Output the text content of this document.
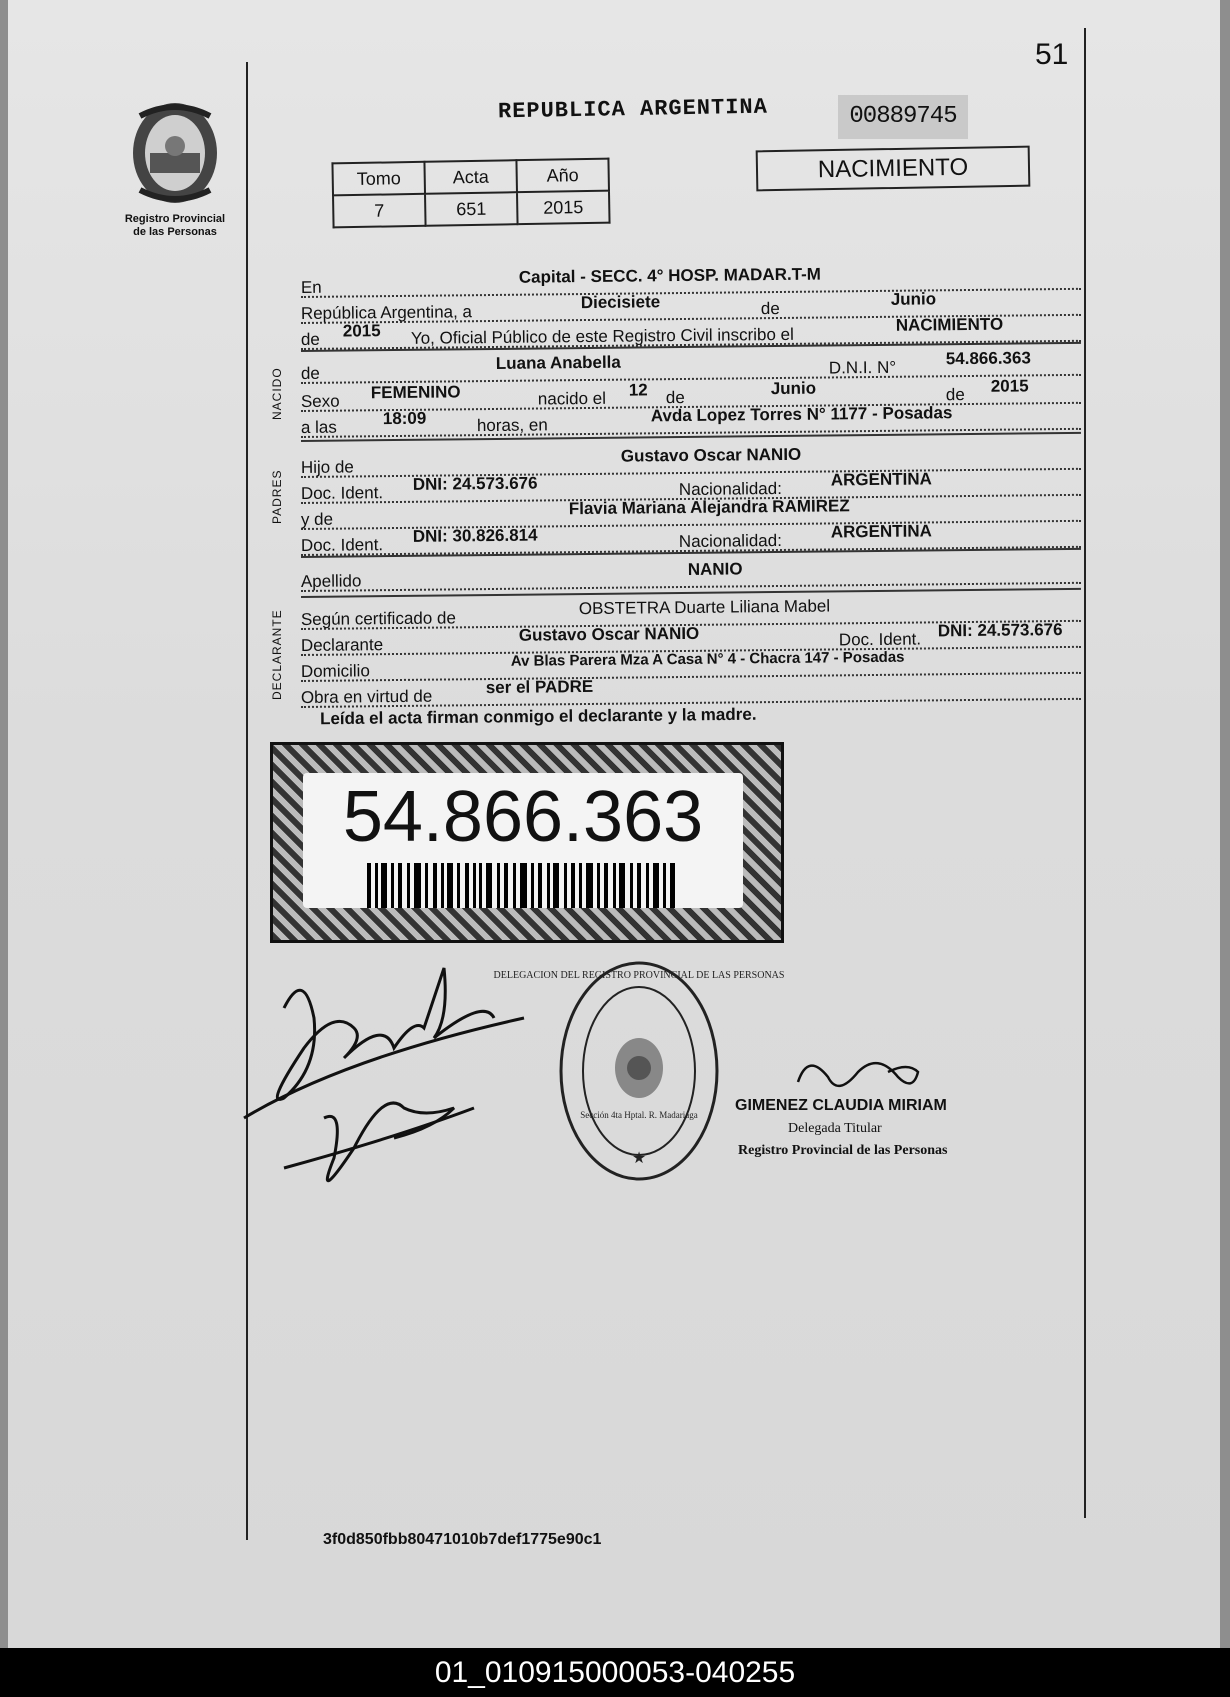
51
Registro Provincial
de las Personas
REPUBLICA ARGENTINA	00889745
NACIMIENTO
Tomo	Acta	Año
7	651	2015
En
Capital - SECC. 4° HOSP. MADAR.T-M
República Argentina, a
Diecisiete	de	Junio
de 2015 Yo, Oficial Público de este Registro Civil inscribo el
NACIMIENTO
NACIDO de
Luana Anabella	D.N.I. N°	54.866.363
Sexo FEMENINO	nacido el 12 de	Junio	de 2015
a las	18:09	horas, en	Avda Lopez Torres N° 1177 - Posadas
PADRES
Hijo de
Gustavo Oscar NANIO
Doc. Ident. DNI: 24.573.676	Nacionalidad:	ARGENTINA
y de
Flavia Mariana Alejandra RAMIREZ
Doc. Ident. DNI: 30.826.814	Nacionalidad:	ARGENTINA
Apellido
NANIO
DECLARANTE Según certificado de
OBSTETRA Duarte Liliana Mabel
Declarante
Gustavo Oscar NANIO	Doc. Ident. DNI: 24.573.676
Domicilio
Av Blas Parera Mza A Casa N° 4 - Chacra 147 - Posadas
Obra en virtud de	ser el PADRE
Leída el acta firman conmigo el declarante y la madre.
54.866.363
★
DELEGACION DEL REGISTRO PROVINCIAL DE LAS PERSONAS
Sección 4ta Hptal. R. Madariaga
GIMENEZ CLAUDIA MIRIAM
Delegada Titular
Registro Provincial de las Personas
3f0d850fbb80471010b7def1775e90c1
01_010915000053-040255
